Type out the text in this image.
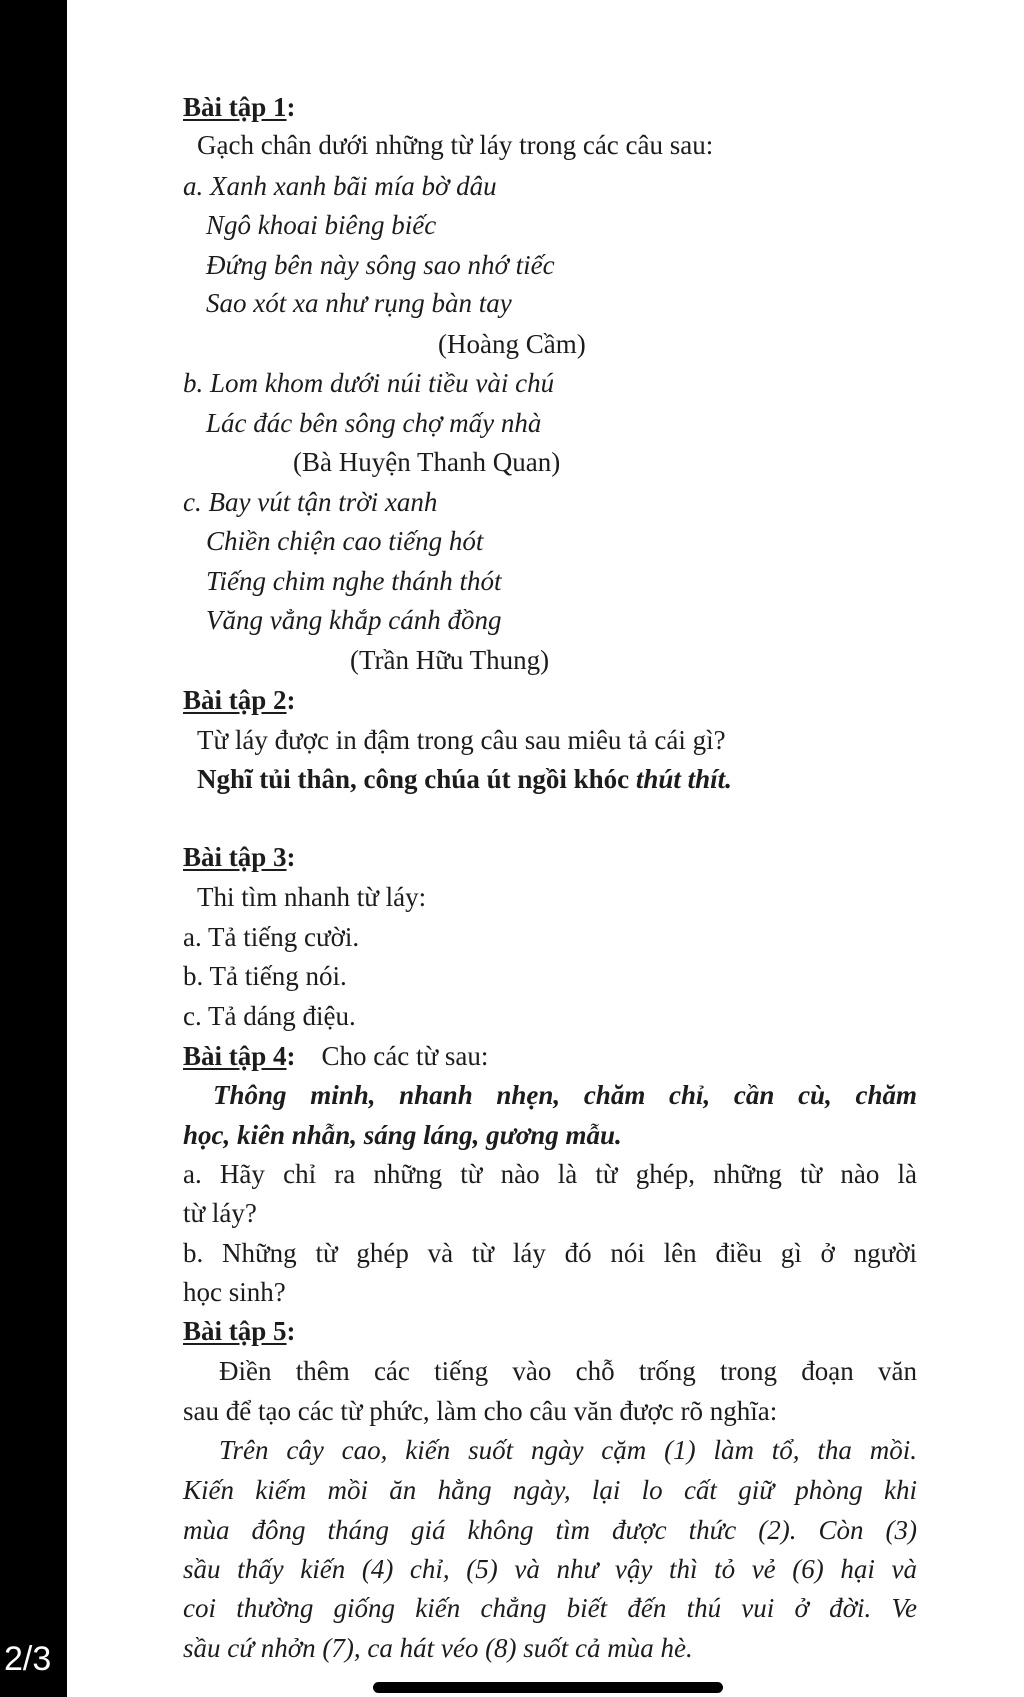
2/3
Bài tập 1:
Gạch chân dưới những từ láy trong các câu sau:
a. Xanh xanh bãi mía bờ dâu
Ngô khoai biêng biếc
Đứng bên này sông sao nhớ tiếc
Sao xót xa như rụng bàn tay
(Hoàng Cầm)
b. Lom khom dưới núi tiều vài chú
Lác đác bên sông chợ mấy nhà
(Bà Huyện Thanh Quan)
c. Bay vút tận trời xanh
Chiền chiện cao tiếng hót
Tiếng chim nghe thánh thót
Văng vẳng khắp cánh đồng
(Trần Hữu Thung)
Bài tập 2:
Từ láy được in đậm trong câu sau miêu tả cái gì?
Nghĩ tủi thân, công chúa út ngồi khóc thút thít.
Bài tập 3:
Thi tìm nhanh từ láy:
a. Tả tiếng cười.
b. Tả tiếng nói.
c. Tả dáng điệu.
Bài tập 4: Cho các từ sau:
Thông minh, nhanh nhẹn, chăm chỉ, cần cù, chăm
học, kiên nhẫn, sáng láng, gương mẫu.
a. Hãy chỉ ra những từ nào là từ ghép, những từ nào là
từ láy?
b. Những từ ghép và từ láy đó nói lên điều gì ở người
học sinh?
Bài tập 5:
Điền thêm các tiếng vào chỗ trống trong đoạn văn
sau để tạo các từ phức, làm cho câu văn được rõ nghĩa:
Trên cây cao, kiến suốt ngày cặm (1) làm tổ, tha mồi.
Kiến kiếm mồi ăn hằng ngày, lại lo cất giữ phòng khi
mùa đông tháng giá không tìm được thức (2). Còn (3)
sầu thấy kiến (4) chỉ, (5) và như vậy thì tỏ vẻ (6) hại và
coi thường giống kiến chẳng biết đến thú vui ở đời. Ve
sầu cứ nhởn (7), ca hát véo (8) suốt cả mùa hè.
